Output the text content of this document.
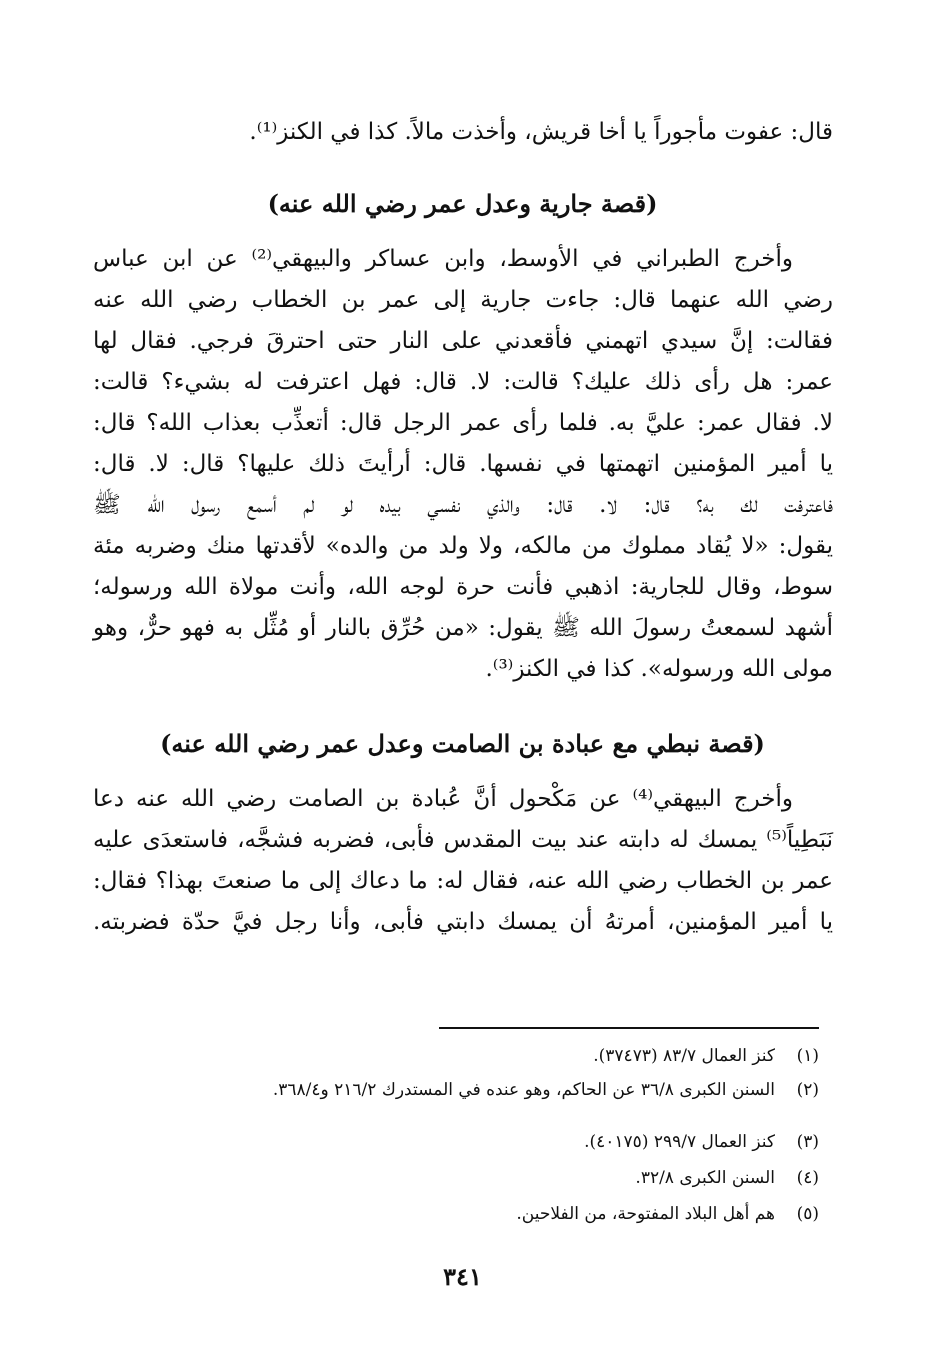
قال: عفوت مأجوراً يا أخا قريش، وأخذت مالاً. كذا في الكنز⁽¹⁾.
(قصة جارية وعدل عمر رضي الله عنه)
وأخرج الطبراني في الأوسط، وابن عساكر والبيهقي⁽²⁾ عن ابن عباس
رضي الله عنهما قال: جاءت جارية إلى عمر بن الخطاب رضي الله عنه
فقالت: إنَّ سيدي اتهمني فأقعدني على النار حتى احترقَ فرجي. فقال لها
عمر: هل رأى ذلك عليك؟ قالت: لا. قال: فهل اعترفت له بشيء؟ قالت:
لا. فقال عمر: عليَّ به. فلما رأى عمر الرجل قال: أتعذِّب بعذاب الله؟ قال:
يا أمير المؤمنين اتهمتها في نفسها. قال: أرأيتَ ذلك عليها؟ قال: لا. قال:
فاعترفت لك به؟ قال: لا. قال: والذي نفسي بيده لو لم أسمع رسول الله ﷺ
يقول: «لا يُقاد مملوك من مالكه، ولا ولد من والده» لأقدتها منك وضربه مئة
سوط، وقال للجارية: اذهبي فأنت حرة لوجه الله، وأنت مولاة الله ورسوله؛
أشهد لسمعتُ رسولَ الله ﷺ يقول: «من حُرِّق بالنار أو مُثِّل به فهو حرٌّ، وهو
مولى الله ورسوله». كذا في الكنز⁽³⁾.
(قصة نبطي مع عبادة بن الصامت وعدل عمر رضي الله عنه)
وأخرج البيهقي⁽⁴⁾ عن مَكْحول أنَّ عُبادة بن الصامت رضي الله عنه دعا
نَبَطِياً⁽⁵⁾ يمسك له دابته عند بيت المقدس فأبى، فضربه فشجَّه، فاستعدَى عليه
عمر بن الخطاب رضي الله عنه، فقال له: ما دعاك إلى ما صنعتَ بهذا؟ فقال:
يا أمير المؤمنين، أمرتهُ أن يمسك دابتي فأبى، وأنا رجل فيَّ حدّة فضربته.
(١)كنز العمال ٨٣/٧ (٣٧٤٧٣).
(٢)السنن الكبرى ٣٦/٨ عن الحاكم، وهو عنده في المستدرك ٢١٦/٢ و٣٦٨/٤.
(٣)كنز العمال ٢٩٩/٧ (٤٠١٧٥).
(٤)السنن الكبرى ٣٢/٨.
(٥)هم أهل البلاد المفتوحة، من الفلاحين.
٣٤١
